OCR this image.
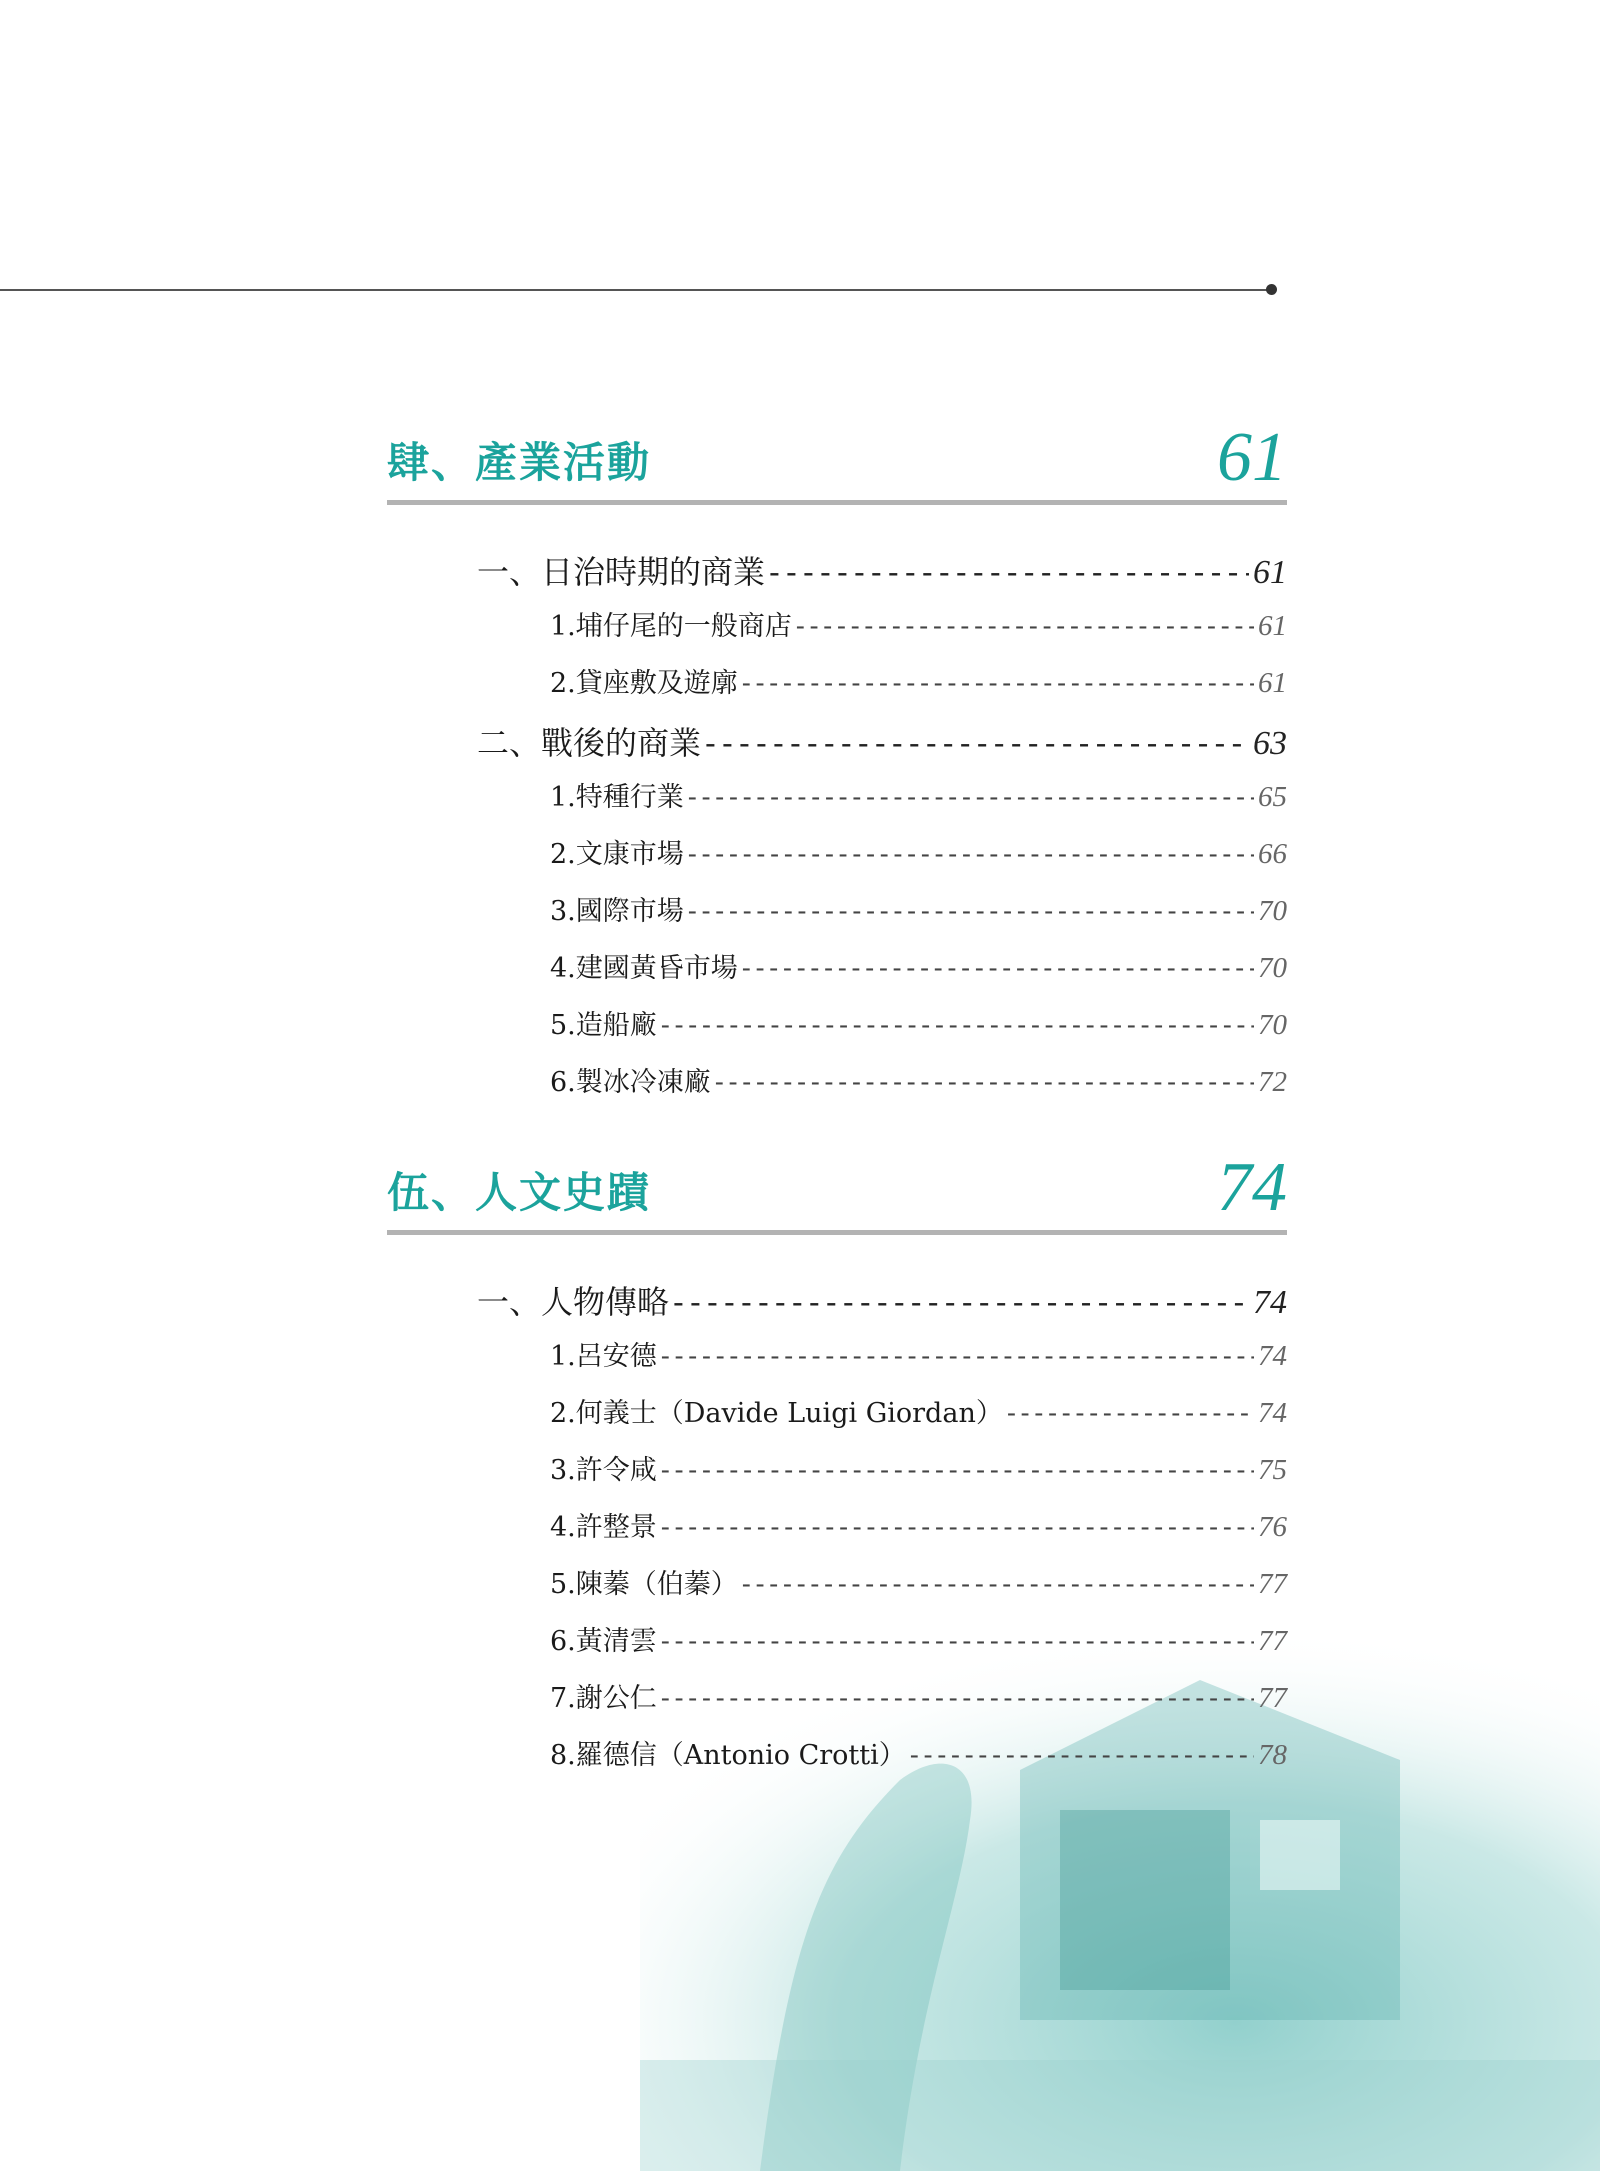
肆、產業活動	61
一、日治時期的商業 - - -	61
1.埔仔尾的一般商店 - - -	61
2.貸座敷及遊廓 - - -	61
二、戰後的商業 - - -	63
1.特種行業 - - -	65
2.文康市場 - - -	66
3.國際市場 - - -	70
4.建國黃昏市場 - - -	70
5.造船廠 - - -	70
6.製冰冷凍廠 - - -	72
伍、人文史蹟	74
一、人物傳略 - - -	74
1.呂安德 - - -	74
2.何義士（Davide Luigi Giordan） - - -	74
3.許令咸 - - -	75
4.許整景 - - -	76
5.陳蓁（伯蓁） - - -	77
6.黃清雲 - - -	77
7.謝公仁 - - -	77
8.羅德信（Antonio Crotti） - - -	78
